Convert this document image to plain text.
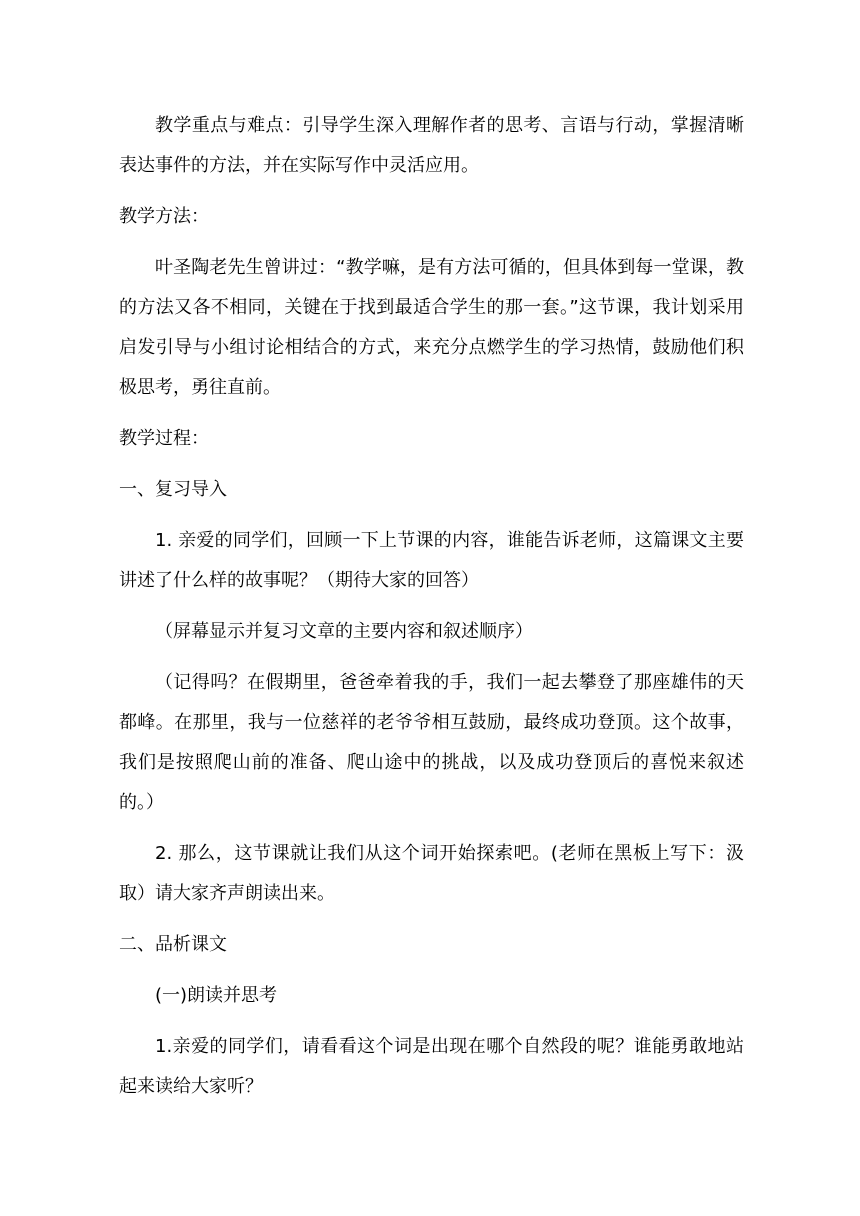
教学重点与难点：引导学生深入理解作者的思考、言语与行动，掌握清晰表达事件的方法，并在实际写作中灵活应用。

教学方法：

叶圣陶老先生曾讲过：“教学嘛，是有方法可循的，但具体到每一堂课，教的方法又各不相同，关键在于找到最适合学生的那一套。”这节课，我计划采用启发引导与小组讨论相结合的方式，来充分点燃学生的学习热情，鼓励他们积极思考，勇往直前。

教学过程：

一、复习导入

1. 亲爱的同学们，回顾一下上节课的内容，谁能告诉老师，这篇课文主要讲述了什么样的故事呢？（期待大家的回答）

（屏幕显示并复习文章的主要内容和叙述顺序）

（记得吗？在假期里，爸爸牵着我的手，我们一起去攀登了那座雄伟的天都峰。在那里，我与一位慈祥的老爷爷相互鼓励，最终成功登顶。这个故事，我们是按照爬山前的准备、爬山途中的挑战，以及成功登顶后的喜悦来叙述的。）

2. 那么，这节课就让我们从这个词开始探索吧。(老师在黑板上写下：汲取）请大家齐声朗读出来。

二、品析课文

(一)朗读并思考

1.亲爱的同学们，请看看这个词是出现在哪个自然段的呢？谁能勇敢地站起来读给大家听？
